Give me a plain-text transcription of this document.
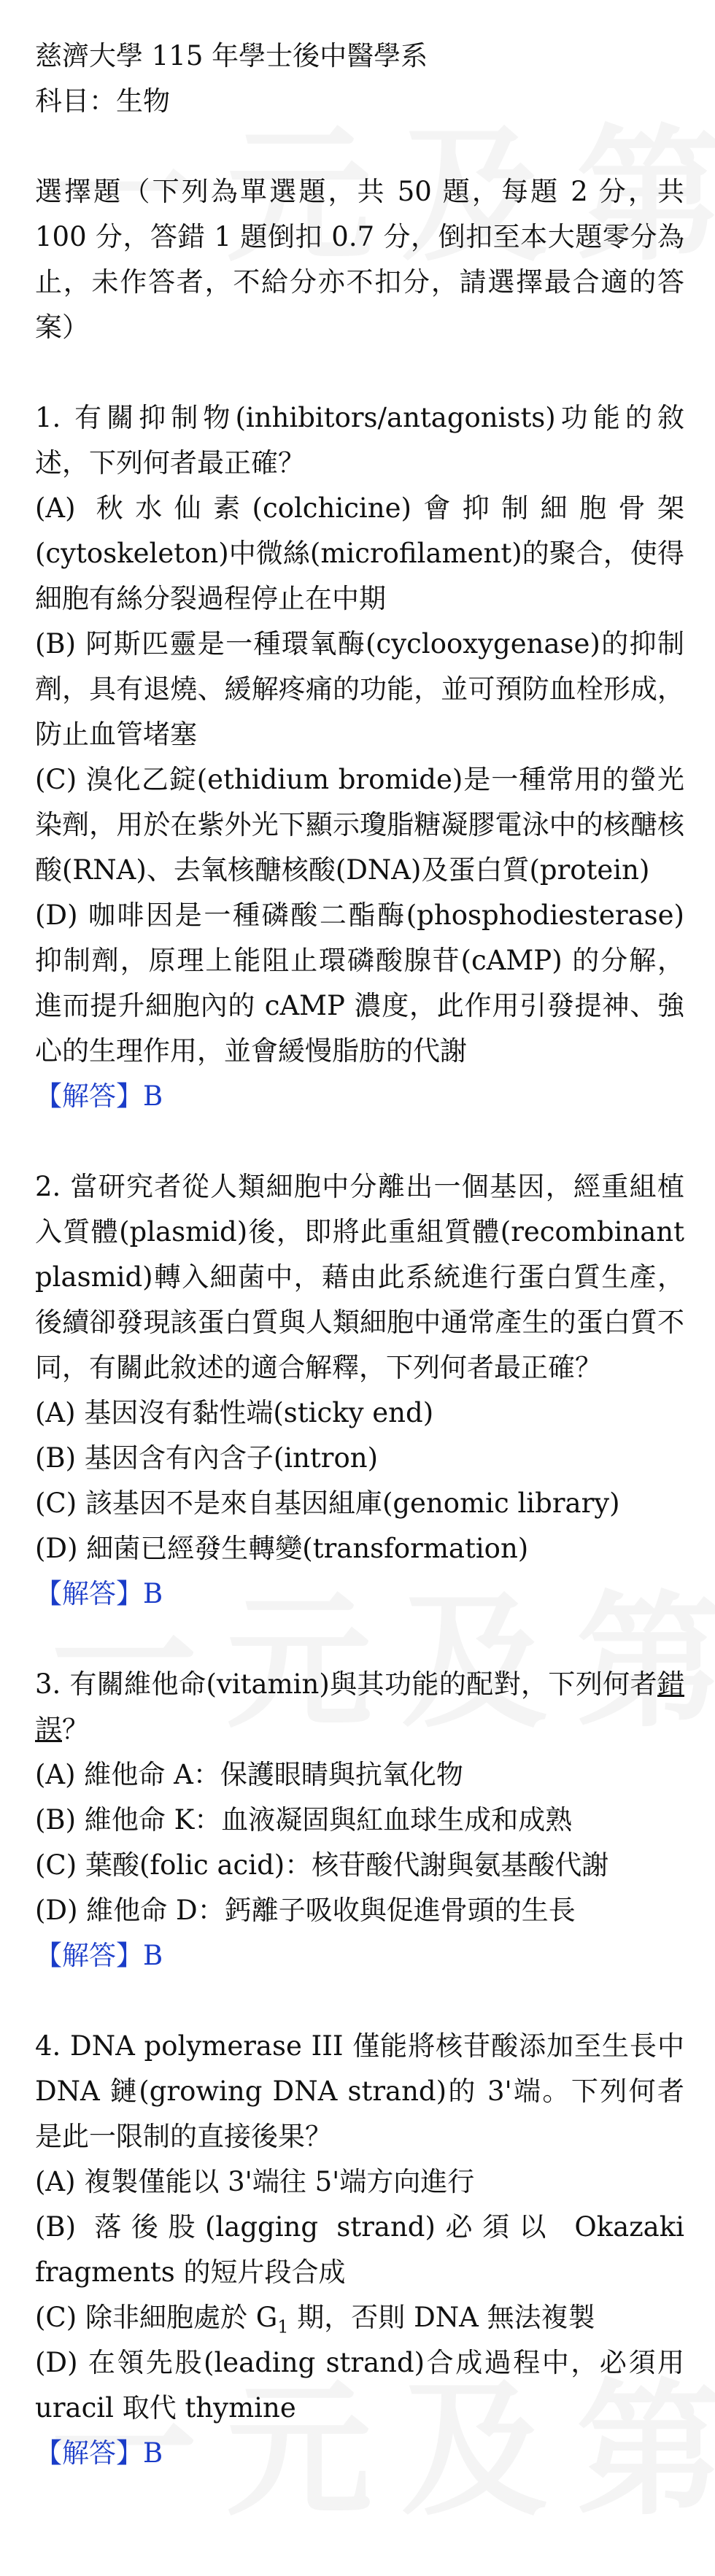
慈濟大學 115 年學士後中醫學系

科目：生物

選擇題（下列為單選題，共 50 題，每題 2 分，共 100 分，答錯 1 題倒扣 0.7 分，倒扣至本大題零分為止，未作答者，不給分亦不扣分，請選擇最合適的答案）

1. 有關抑制物(inhibitors/antagonists)功能的敘述，下列何者最正確？

(A) 秋水仙素(colchicine)會抑制細胞骨架(cytoskeleton)中微絲(microfilament)的聚合，使得細胞有絲分裂過程停止在中期

(B) 阿斯匹靈是一種環氧酶(cyclooxygenase)的抑制劑，具有退燒、緩解疼痛的功能，並可預防血栓形成，防止血管堵塞

(C) 溴化乙錠(ethidium bromide)是一種常用的螢光染劑，用於在紫外光下顯示瓊脂糖凝膠電泳中的核醣核酸(RNA)、去氧核醣核酸(DNA)及蛋白質(protein)

(D) 咖啡因是一種磷酸二酯酶(phosphodiesterase)抑制劑，原理上能阻止環磷酸腺苷(cAMP) 的分解，進而提升細胞內的 cAMP 濃度，此作用引發提神、強心的生理作用，並會緩慢脂肪的代謝

【解答】B

2. 當研究者從人類細胞中分離出一個基因，經重組植入質體(plasmid)後，即將此重組質體(recombinant plasmid)轉入細菌中，藉由此系統進行蛋白質生產，後續卻發現該蛋白質與人類細胞中通常產生的蛋白質不同，有關此敘述的適合解釋，下列何者最正確？

(A) 基因沒有黏性端(sticky end)

(B) 基因含有內含子(intron)

(C) 該基因不是來自基因組庫(genomic library)

(D) 細菌已經發生轉變(transformation)

【解答】B

3. 有關維他命(vitamin)與其功能的配對，下列何者錯誤？

(A) 維他命 A：保護眼睛與抗氧化物

(B) 維他命 K：血液凝固與紅血球生成和成熟

(C) 葉酸(folic acid)：核苷酸代謝與氨基酸代謝

(D) 維他命 D：鈣離子吸收與促進骨頭的生長

【解答】B

4. DNA polymerase III 僅能將核苷酸添加至生長中 DNA 鏈(growing DNA strand)的 3'端。下列何者是此一限制的直接後果？

(A) 複製僅能以 3'端往 5'端方向進行

(B) 落後股(lagging strand)必須以 Okazaki fragments 的短片段合成

(C) 除非細胞處於 $G_1$ 期，否則 DNA 無法複製

(D) 在領先股(leading strand)合成過程中，必須用 uracil 取代 thymine

【解答】B
